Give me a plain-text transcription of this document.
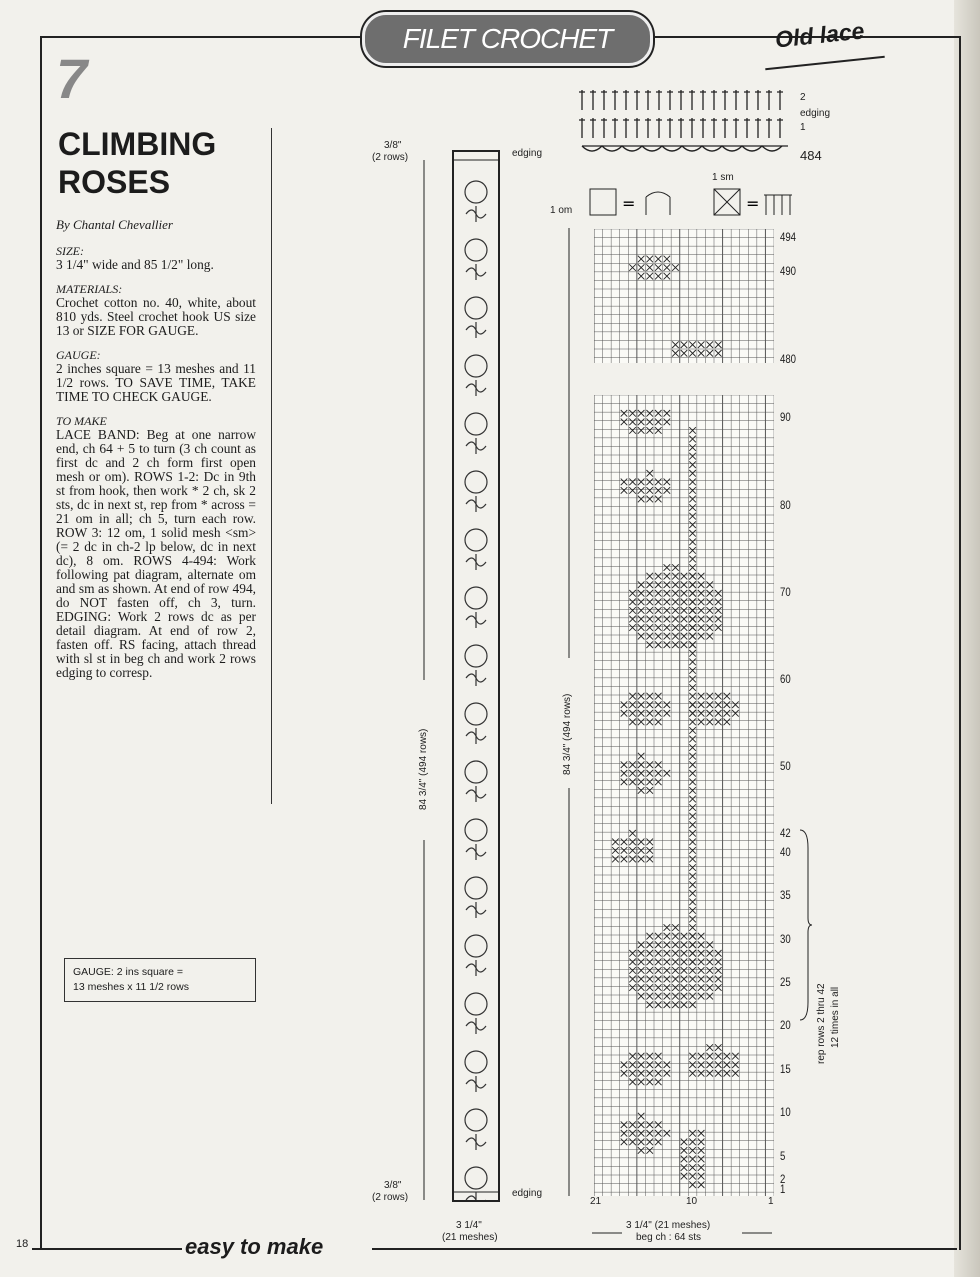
FILET CROCHET	Old lace
7
CLIMBING
ROSES
By Chantal Chevallier
SIZE:
3 1/4" wide and 85 1/2" long.
MATERIALS:
Crochet cotton no. 40, white, about 810 yds. Steel crochet hook US size 13 or SIZE FOR GAUGE.
GAUGE:
2 inches square = 13 meshes and 11 1/2 rows. TO SAVE TIME, TAKE TIME TO CHECK GAUGE.
TO MAKE
LACE BAND: Beg at one narrow end, ch 64 + 5 to turn (3 ch count as first dc and 2 ch form first open mesh or om). ROWS 1-2: Dc in 9th st from hook, then work * 2 ch, sk 2 sts, dc in next st, rep from * across = 21 om in all; ch 5, turn each row. ROW 3: 12 om, 1 solid mesh <sm> (= 2 dc in ch-2 lp below, dc in next dc), 8 om. ROWS 4-494: Work following pat diagram, alternate om and sm as shown. At end of row 494, do NOT fasten off, ch 3, turn. EDGING: Work 2 rows dc as per detail diagram. At end of row 2, fasten off. RS facing, attach thread with sl st in beg ch and work 2 rows edging to corresp.
GAUGE: 2 ins square =
13 meshes x 11 1/2 rows
3/8"
(2 rows)	edging
84 3/4" (494 rows)
3/8"
(2 rows)	edging
3 1/4"
(21 meshes)
2
edging
1
484
1 om
1 sm
=	=
84 3/4" (494 rows)
494
490
480
90
80
70
60
50
42
40
35
30
25
20
15
10
5
2
1
rep rows 2 thru 42 12 times in all
21	10	1
3 1/4" (21 meshes)
beg ch : 64 sts
18	easy to make
